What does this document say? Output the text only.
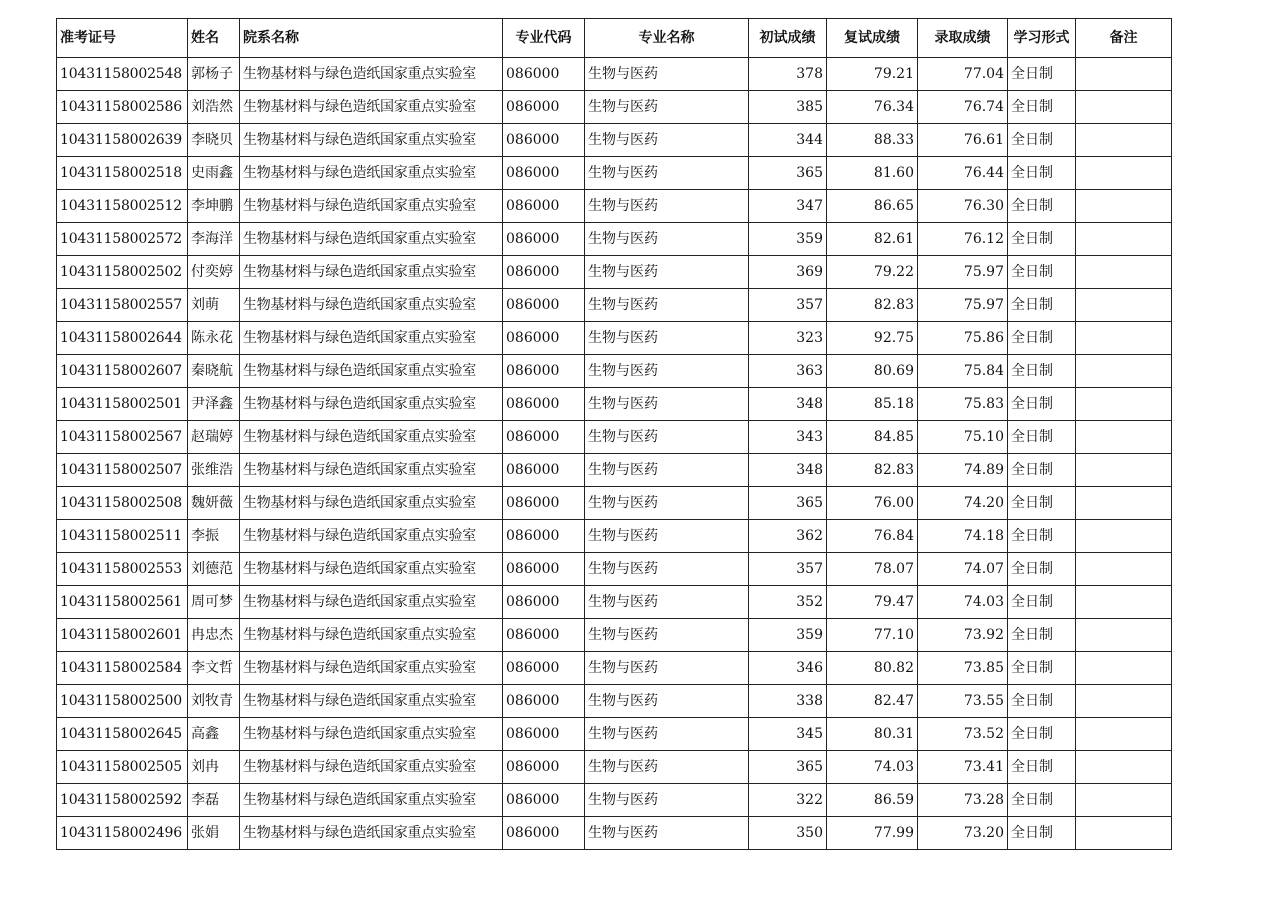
准考证号	姓名	院系名称	专业代码	专业名称	初试成绩	复试成绩	录取成绩	学习形式	备注
10431158002548	郭杨子	生物基材料与绿色造纸国家重点实验室	086000	生物与医药	378	79.21	77.04	全日制	
10431158002586	刘浩然	生物基材料与绿色造纸国家重点实验室	086000	生物与医药	385	76.34	76.74	全日制	
10431158002639	李晓贝	生物基材料与绿色造纸国家重点实验室	086000	生物与医药	344	88.33	76.61	全日制	
10431158002518	史雨鑫	生物基材料与绿色造纸国家重点实验室	086000	生物与医药	365	81.60	76.44	全日制	
10431158002512	李坤鹏	生物基材料与绿色造纸国家重点实验室	086000	生物与医药	347	86.65	76.30	全日制	
10431158002572	李海洋	生物基材料与绿色造纸国家重点实验室	086000	生物与医药	359	82.61	76.12	全日制	
10431158002502	付奕婷	生物基材料与绿色造纸国家重点实验室	086000	生物与医药	369	79.22	75.97	全日制	
10431158002557	刘萌	生物基材料与绿色造纸国家重点实验室	086000	生物与医药	357	82.83	75.97	全日制	
10431158002644	陈永花	生物基材料与绿色造纸国家重点实验室	086000	生物与医药	323	92.75	75.86	全日制	
10431158002607	秦晓航	生物基材料与绿色造纸国家重点实验室	086000	生物与医药	363	80.69	75.84	全日制	
10431158002501	尹泽鑫	生物基材料与绿色造纸国家重点实验室	086000	生物与医药	348	85.18	75.83	全日制	
10431158002567	赵瑞婷	生物基材料与绿色造纸国家重点实验室	086000	生物与医药	343	84.85	75.10	全日制	
10431158002507	张维浩	生物基材料与绿色造纸国家重点实验室	086000	生物与医药	348	82.83	74.89	全日制	
10431158002508	魏妍薇	生物基材料与绿色造纸国家重点实验室	086000	生物与医药	365	76.00	74.20	全日制	
10431158002511	李振	生物基材料与绿色造纸国家重点实验室	086000	生物与医药	362	76.84	74.18	全日制	
10431158002553	刘德范	生物基材料与绿色造纸国家重点实验室	086000	生物与医药	357	78.07	74.07	全日制	
10431158002561	周可梦	生物基材料与绿色造纸国家重点实验室	086000	生物与医药	352	79.47	74.03	全日制	
10431158002601	冉忠杰	生物基材料与绿色造纸国家重点实验室	086000	生物与医药	359	77.10	73.92	全日制	
10431158002584	李文哲	生物基材料与绿色造纸国家重点实验室	086000	生物与医药	346	80.82	73.85	全日制	
10431158002500	刘牧青	生物基材料与绿色造纸国家重点实验室	086000	生物与医药	338	82.47	73.55	全日制	
10431158002645	高鑫	生物基材料与绿色造纸国家重点实验室	086000	生物与医药	345	80.31	73.52	全日制	
10431158002505	刘冉	生物基材料与绿色造纸国家重点实验室	086000	生物与医药	365	74.03	73.41	全日制	
10431158002592	李磊	生物基材料与绿色造纸国家重点实验室	086000	生物与医药	322	86.59	73.28	全日制	
10431158002496	张娟	生物基材料与绿色造纸国家重点实验室	086000	生物与医药	350	77.99	73.20	全日制	
